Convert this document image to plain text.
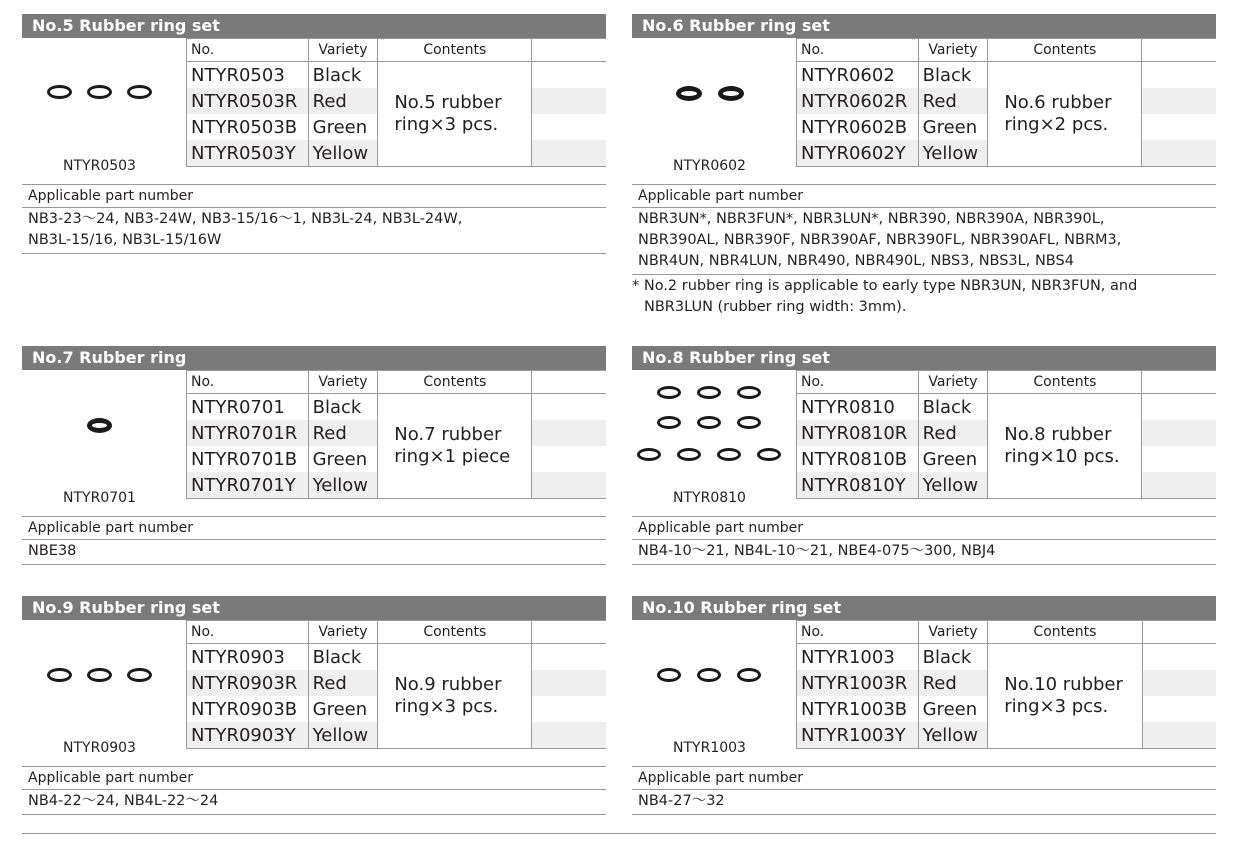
No.5 Rubber ring set
NTYR0503
No.	Variety	Contents	
NTYR0503	Black	No.5 rubber
ring×3 pcs.	

NTYR0503R	Red		
NTYR0503B	Green		
NTYR0503Y	Yellow		
Applicable part number
NB3-23～24, NB3-24W, NB3-15/16～1, NB3L-24, NB3L-24W,
NB3L-15/16, NB3L-15/16W
No.6 Rubber ring set
NTYR0602
No.	Variety	Contents	
NTYR0602	Black	No.6 rubber
ring×2 pcs.	

NTYR0602R	Red		
NTYR0602B	Green		
NTYR0602Y	Yellow		
Applicable part number
NBR3UN*, NBR3FUN*, NBR3LUN*, NBR390, NBR390A, NBR390L,
NBR390AL, NBR390F, NBR390AF, NBR390FL, NBR390AFL, NBRM3,
NBR4UN, NBR4LUN, NBR490, NBR490L, NBS3, NBS3L, NBS4
* No.2 rubber ring is applicable to early type NBR3UN, NBR3FUN, and
NBR3LUN (rubber ring width: 3mm).
No.7 Rubber ring
NTYR0701
No.	Variety	Contents	
NTYR0701	Black	No.7 rubber
ring×1 piece	

NTYR0701R	Red		
NTYR0701B	Green		
NTYR0701Y	Yellow		
Applicable part number
NBE38
No.8 Rubber ring set
NTYR0810
No.	Variety	Contents	
NTYR0810	Black	No.8 rubber
ring×10 pcs.	

NTYR0810R	Red		
NTYR0810B	Green		
NTYR0810Y	Yellow		
Applicable part number
NB4-10～21, NB4L-10～21, NBE4-075～300, NBJ4
No.9 Rubber ring set
NTYR0903
No.	Variety	Contents	
NTYR0903	Black	No.9 rubber
ring×3 pcs.	

NTYR0903R	Red		
NTYR0903B	Green		
NTYR0903Y	Yellow		
Applicable part number
NB4-22～24, NB4L-22～24
No.10 Rubber ring set
NTYR1003
No.	Variety	Contents	
NTYR1003	Black	No.10 rubber
ring×3 pcs.	

NTYR1003R	Red		
NTYR1003B	Green		
NTYR1003Y	Yellow		
Applicable part number
NB4-27～32
